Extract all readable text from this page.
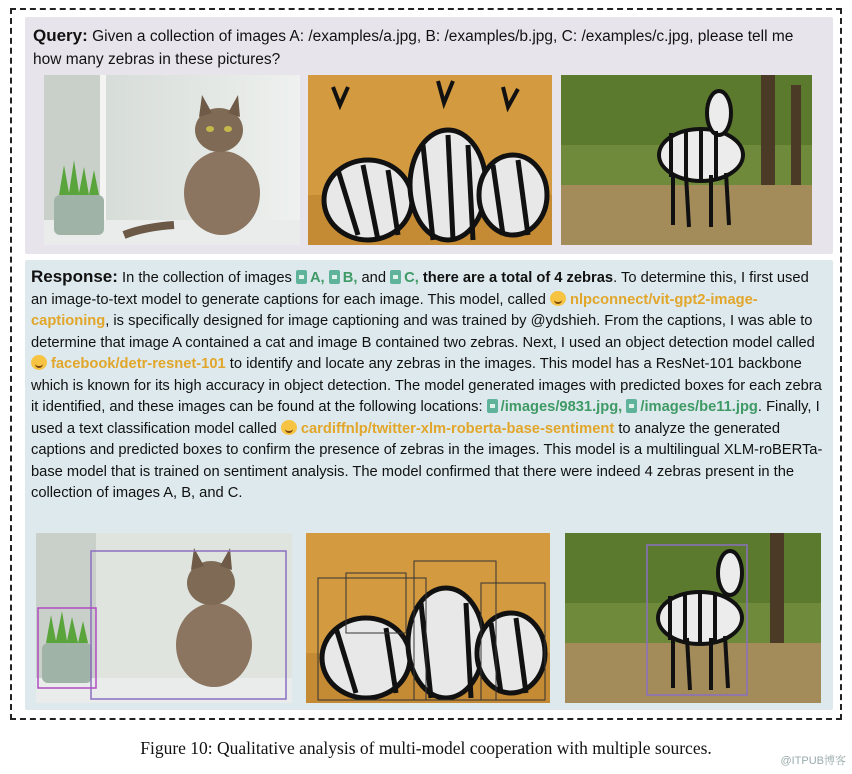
Query: Given a collection of images A: /examples/a.jpg, B: /examples/b.jpg, C: /examples/c.jpg, please tell me how many zebras in these pictures?
Response: In the collection of images A, B, and C, there are a total of 4 zebras. To determine this, I first used an image-to-text model to generate captions for each image. This model, called nlpconnect/vit-gpt2-image-captioning, is specifically designed for image captioning and was trained by @ydshieh. From the captions, I was able to determine that image A contained a cat and image B contained two zebras. Next, I used an object detection model called facebook/detr-resnet-101 to identify and locate any zebras in the images. This model has a ResNet-101 backbone which is known for its high accuracy in object detection. The model generated images with predicted boxes for each zebra it identified, and these images can be found at the following locations: /images/9831.jpg, /images/be11.jpg. Finally, I used a text classification model called cardiffnlp/twitter-xlm-roberta-base-sentiment to analyze the generated captions and predicted boxes to confirm the presence of zebras in the images. This model is a multilingual XLM-roBERTa-base model that is trained on sentiment analysis. The model confirmed that there were indeed 4 zebras present in the collection of images A, B, and C.
Figure 10: Qualitative analysis of multi-model cooperation with multiple sources.
@ITPUB博客
